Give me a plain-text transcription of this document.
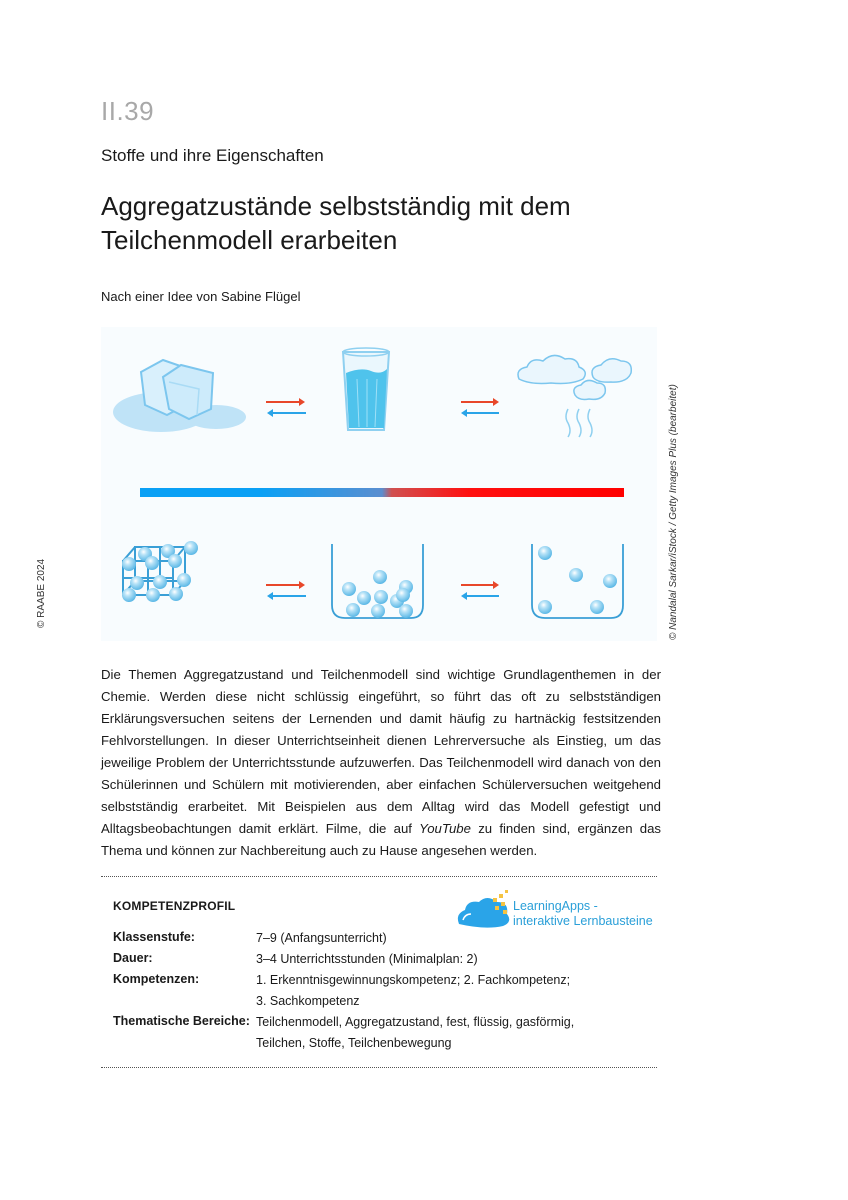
II.39
Stoffe und ihre Eigenschaften
Aggregatzustände selbstständig mit dem
Teilchenmodell erarbeiten
Nach einer Idee von Sabine Flügel
© Nandalal Sarkar/iStock / Getty Images Plus (bearbeitet)
© RAABE 2024
Die Themen Aggregatzustand und Teilchenmodell sind wichtige Grundlagenthemen in der Chemie. Werden diese nicht schlüssig eingeführt, so führt das oft zu selbstständigen Erklärungsversuchen seitens der Lernenden und damit häufig zu hartnäckig festsitzenden Fehlvorstellungen. In dieser Unterrichtseinheit dienen Lehrerversuche als Einstieg, um das jeweilige Problem der Unterrichtsstunde aufzuwerfen. Das Teilchenmodell wird danach von den Schülerinnen und Schülern mit motivierenden, aber einfachen Schülerversuchen weitgehend selbstständig erarbeitet. Mit Beispielen aus dem Alltag wird das Modell gefestigt und Alltagsbeobachtungen damit erklärt. Filme, die auf YouTube zu finden sind, ergänzen das Thema und können zur Nachbereitung auch zu Hause angesehen werden.
KOMPETENZPROFIL	LearningApps -
interaktive Lernbausteine
Klassenstufe:	7–9 (Anfangsunterricht)
Dauer:	3–4 Unterrichtsstunden (Minimalplan: 2)
Kompetenzen:	1. Erkenntnisgewinnungskompetenz; 2. Fachkompetenz;
3. Sachkompetenz
Thematische Bereiche: Teilchenmodell, Aggregatzustand, fest, flüssig, gasförmig,
Teilchen, Stoffe, Teilchenbewegung
